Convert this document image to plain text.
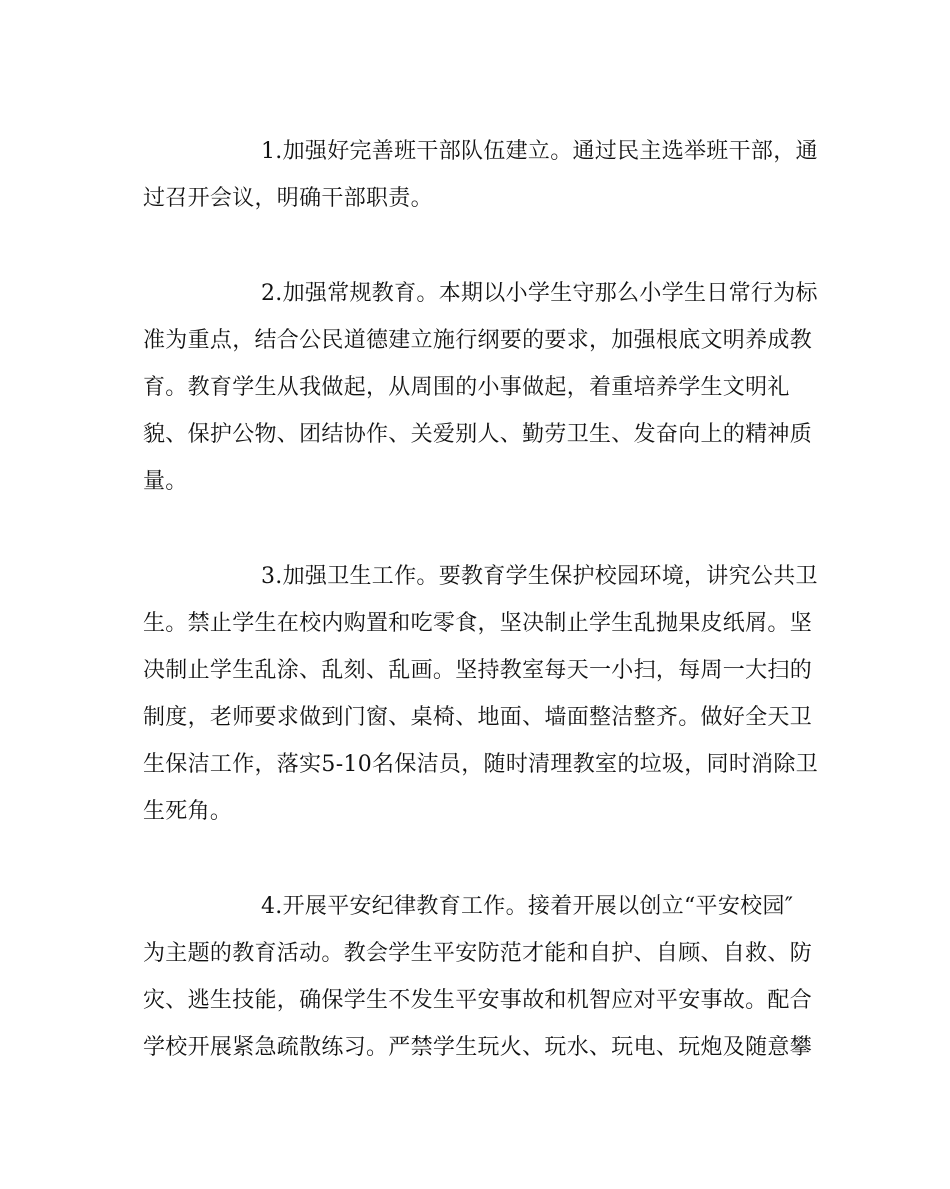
1.加强好完善班干部队伍建立。通过民主选举班干部，通
过召开会议，明确干部职责。

2.加强常规教育。本期以小学生守那么小学生日常行为标
准为重点，结合公民道德建立施行纲要的要求，加强根底文明养成教
育。教育学生从我做起，从周围的小事做起，着重培养学生文明礼
貌、保护公物、团结协作、关爱别人、勤劳卫生、发奋向上的精神质
量。

3.加强卫生工作。要教育学生保护校园环境，讲究公共卫
生。禁止学生在校内购置和吃零食，坚决制止学生乱抛果皮纸屑。坚
决制止学生乱涂、乱刻、乱画。坚持教室每天一小扫，每周一大扫的
制度，老师要求做到门窗、桌椅、地面、墙面整洁整齐。做好全天卫
生保洁工作，落实5-10名保洁员，随时清理教室的垃圾，同时消除卫
生死角。

4.开展平安纪律教育工作。接着开展以创立“平安校园″
为主题的教育活动。教会学生平安防范才能和自护、自顾、自救、防
灾、逃生技能，确保学生不发生平安事故和机智应对平安事故。配合
学校开展紧急疏散练习。严禁学生玩火、玩水、玩电、玩炮及随意攀
